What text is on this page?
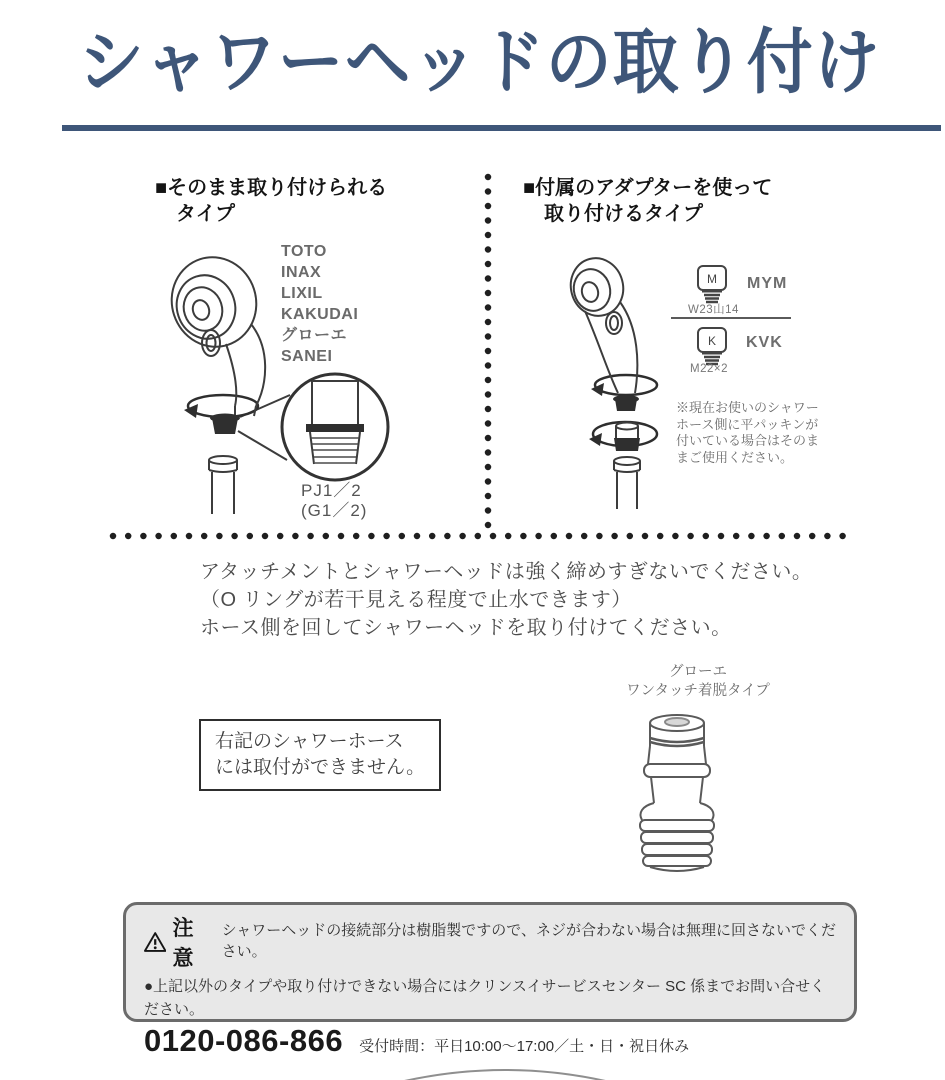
シャワーヘッドの取り付け
■そのまま取り付けられる
タイプ
■付属のアダプターを使って
取り付けるタイプ
TOTO
INAX
LIXIL
KAKUDAI
グローエ
SANEI
PJ1／2
(G1／2)
M
W23山14
MYM
K
M22×2
KVK
※現在お使いのシャワーホース側に平パッキンが付いている場合はそのままご使用ください。
アタッチメントとシャワーヘッドは強く締めすぎないでください。
（O リングが若干見える程度で止水できます）
ホース側を回してシャワーヘッドを取り付けてください。
グローエ
ワンタッチ着脱タイプ
右記のシャワーホース
には取付ができません。
注意
シャワーヘッドの接続部分は樹脂製ですので、ネジが合わない場合は無理に回さないでください。
●上記以外のタイプや取り付けできない場合にはクリンスイサービスセンター SC 係までお問い合せください。
0120-086-866 受付時間：平日10:00～17:00／土・日・祝日休み
